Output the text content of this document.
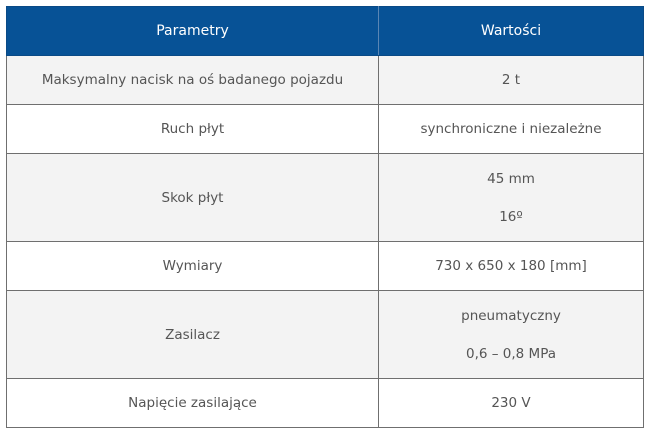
Parametry	Wartości
Maksymalny nacisk na oś badanego pojazdu	2 t

Ruch płyt	synchroniczne i niezależne

Skok płyt	45 mm
16º

Wymiary	730 x 650 x 180 [mm]

Zasilacz	pneumatyczny
0,6 – 0,8 MPa

Napięcie zasilające	230 V
